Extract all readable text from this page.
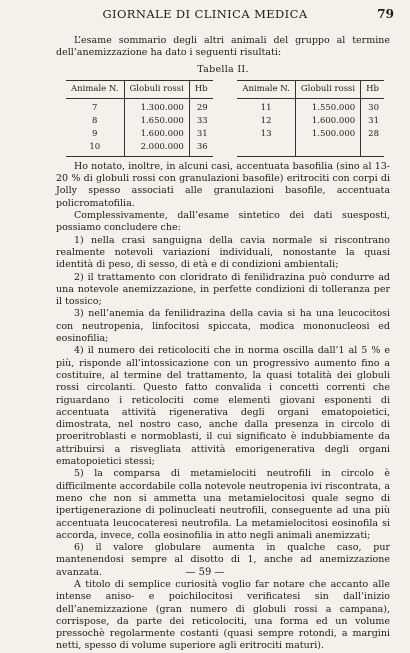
GIORNALE DI CLINICA MEDICA	79

L’esame sommario degli altri animali del gruppo al termine dell’anemizzazione ha dato i seguenti risultati:

Tabella II.
Animale N.	Globuli rossi	Hb
7	1.300.000	29
8	1.650.000	33
9	1.600.000	31
10	2.000.000	36
Animale N.	Globuli rossi	Hb
11	1.550.000	30
12	1.600.000	31
13	1.500.000	28

Ho notato, inoltre, in alcuni casi, accentuata basofilia (sino al 13-20 % di globuli rossi con granulazioni basofile) eritrociti con corpi di Jolly spesso associati alle granulazioni basofile, accentuata policromatofilia.

Complessivamente, dall’esame sintetico dei dati suesposti, possiamo concludere che:

1) nella crasi sanguigna della cavia normale si riscontrano realmente notevoli variazioni individuali, nonostante la quasi identità di peso, di sesso, di età e di condizioni ambientali;

2) il trattamento con cloridrato di fenilidrazina può condurre ad una notevole anemizzazione, in perfette condizioni di tolleranza per il tossico;

3) nell’anemia da fenilidrazina della cavia si ha una leucocitosi con neutropenia, linfocitosi spiccata, modica mononucleosi ed eosinofilia;

4) il numero dei reticolociti che in norma oscilla dall’1 al 5 % e più, risponde all’intossicazione con un progressivo aumento fino a costituire, al termine del trattamento, la quasi totalità dei globuli rossi circolanti. Questo fatto convalida i concetti correnti che riguardano i reticolociti come elementi giovani esponenti di accentuata attività rigenerativa degli organi ematopoietici, dimostrata, nel nostro caso, anche dalla presenza in circolo di proeritroblasti e normoblasti, il cui significato è indubbiamente da attribuirsi a risvegliata attività emorigenerativa degli organi ematopoietici stessi;

5) la comparsa di metamielociti neutrofili in circolo è difficilmente accordabile colla notevole neutropenia ivi riscontrata, a meno che non si ammetta una metamielocitosi quale segno di ipertigenerazione di polinucleati neutrofili, conseguente ad una più accentuata leucocateresi neutrofila. La metamielocitosi eosinofila si accorda, invece, colla eosinofilia in atto negli animali anemizzati;

6) il valore globulare aumenta in qualche caso, pur mantenendosi sempre al disotto di 1, anche ad anemizzazione avanzata.

A titolo di semplice curiosità voglio far notare che accanto alle intense aniso- e poichilocitosi verificatesi sin dall’inizio dell’anemizzazione (gran numero di globuli rossi a campana), corrispose, da parte dei reticolociti, una forma ed un volume pressochè regolarmente costanti (quasi sempre rotondi, a margini netti, spesso di volume superiore agli eritrociti maturi).

— 59 —
